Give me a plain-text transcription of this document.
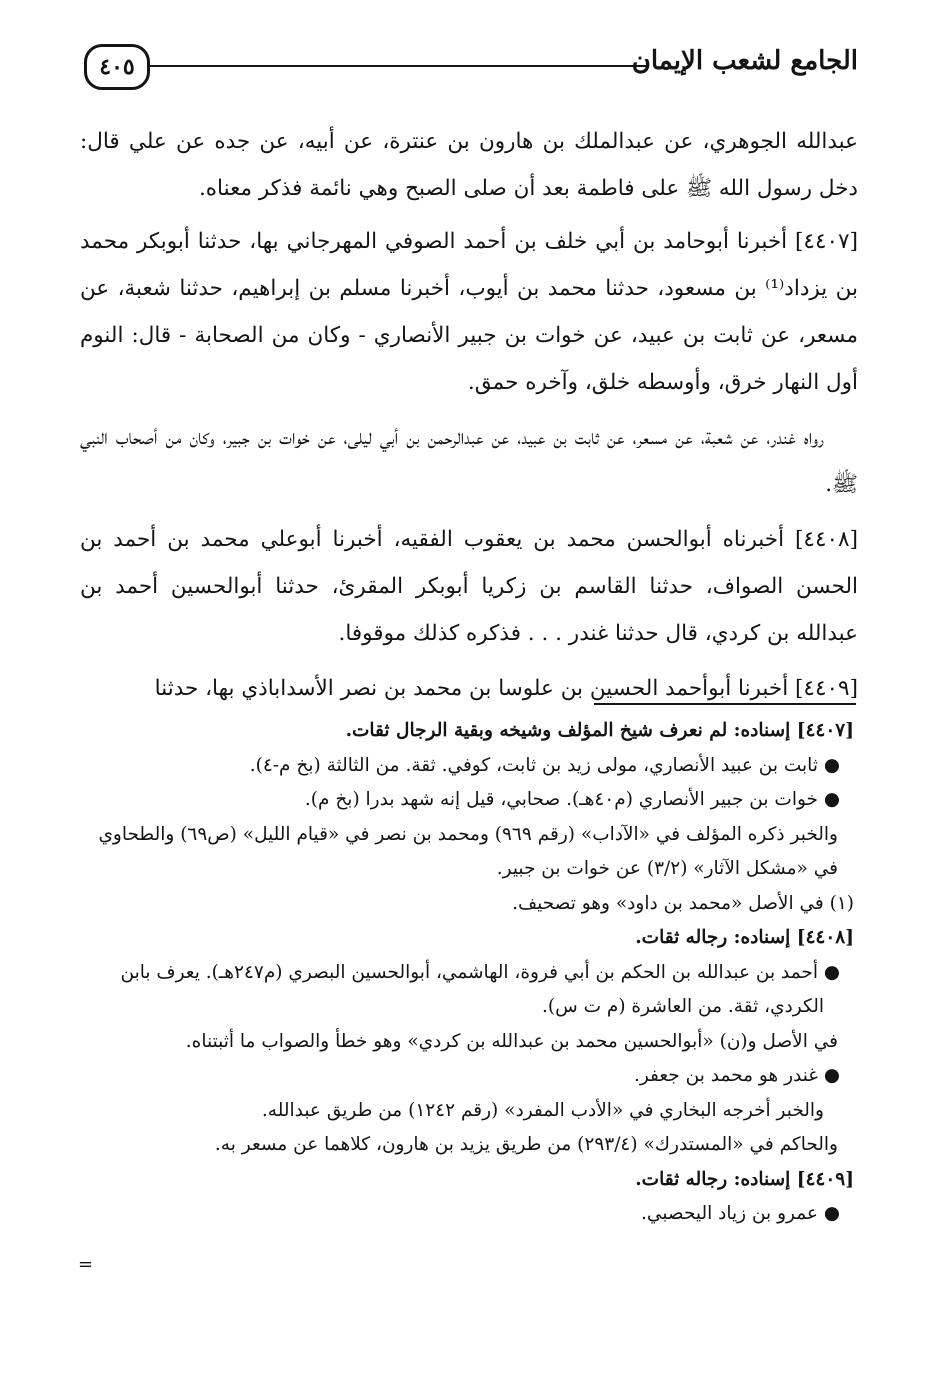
٤٠٥	الجامع لشعب الإيمان

عبدالله الجوهري، عن عبدالملك بن هارون بن عنترة، عن أبيه، عن جده عن علي قال: دخل رسول الله ﷺ على فاطمة بعد أن صلى الصبح وهي نائمة فذكر معناه.

[٤٤٠٧] أخبرنا أبوحامد بن أبي خلف بن أحمد الصوفي المهرجاني بها، حدثنا أبوبكر محمد بن يزداد⁽¹⁾ بن مسعود، حدثنا محمد بن أيوب، أخبرنا مسلم بن إبراهيم، حدثنا شعبة، عن مسعر، عن ثابت بن عبيد، عن خوات بن جبير الأنصاري - وكان من الصحابة - قال: النوم أول النهار خرق، وأوسطه خلق، وآخره حمق.

رواه غندر، عن شعبة، عن مسعر، عن ثابت بن عبيد، عن عبدالرحمن بن أبي ليلى، عن خوات بن جبير، وكان من أصحاب النبي ﷺ.

[٤٤٠٨] أخبرناه أبوالحسن محمد بن يعقوب الفقيه، أخبرنا أبوعلي محمد بن أحمد بن الحسن الصواف، حدثنا القاسم بن زكريا أبوبكر المقرئ، حدثنا أبوالحسين أحمد بن عبدالله بن كردي، قال حدثنا غندر . . . فذكره كذلك موقوفا.

[٤٤٠٩] أخبرنا أبوأحمد الحسين بن علوسا بن محمد بن نصر الأسداباذي بها، حدثنا

[٤٤٠٧] إسناده: لم نعرف شيخ المؤلف وشيخه وبقية الرجال ثقات.

● ثابت بن عبيد الأنصاري، مولى زيد بن ثابت، كوفي. ثقة. من الثالثة (بخ م-٤).

● خوات بن جبير الأنصاري (م٤٠هـ). صحابي، قيل إنه شهد بدرا (بخ م).

والخبر ذكره المؤلف في «الآداب» (رقم ٩٦٩) ومحمد بن نصر في «قيام الليل» (ص٦٩) والطحاوي في «مشكل الآثار» (٣/٢) عن خوات بن جبير.

(١) في الأصل «محمد بن داود» وهو تصحيف.

[٤٤٠٨] إسناده: رجاله ثقات.

● أحمد بن عبدالله بن الحكم بن أبي فروة، الهاشمي، أبوالحسين البصري (م٢٤٧هـ). يعرف بابن الكردي، ثقة. من العاشرة (م ت س).

في الأصل و(ن) «أبوالحسين محمد بن عبدالله بن كردي» وهو خطأ والصواب ما أثبتناه.

● غندر هو محمد بن جعفر.

والخبر أخرجه البخاري في «الأدب المفرد» (رقم ١٢٤٢) من طريق عبدالله.

والحاكم في «المستدرك» (٢٩٣/٤) من طريق يزيد بن هارون، كلاهما عن مسعر به.

[٤٤٠٩] إسناده: رجاله ثقات.

● عمرو بن زياد اليحصبي.

=
